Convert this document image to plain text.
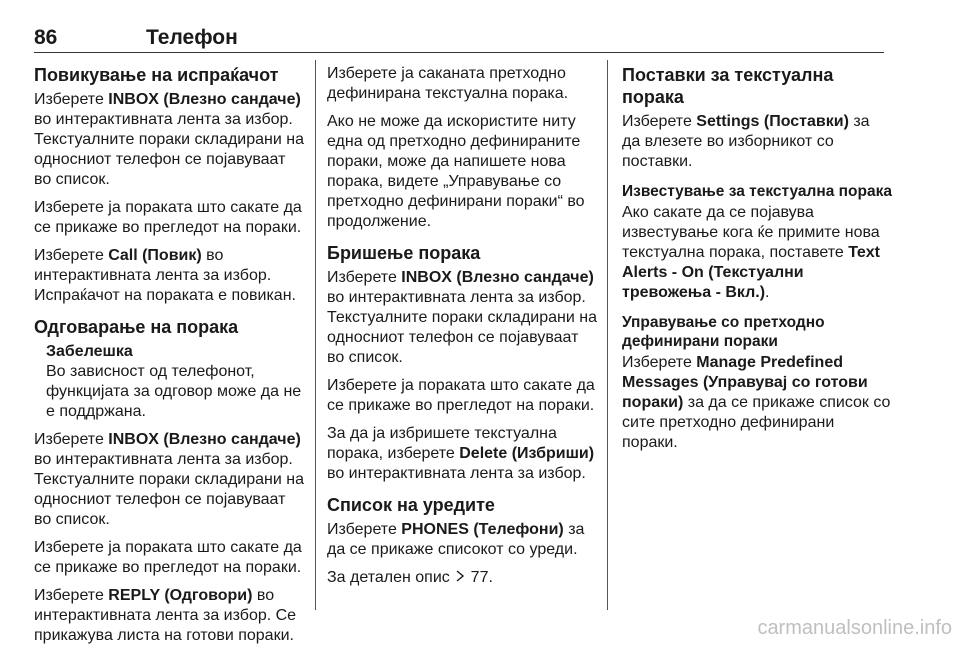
86	Телефон
Повикување на испраќачот

Изберете INBOX (Влезно сандаче) во интерактивната лента за избор. Текстуалните пораки складирани на односниот телефон се појавуваат во список.

Изберете ја пораката што сакате да се прикаже во прегледот на пораки.

Изберете Call (Повик) во интерактивната лента за избор. Испраќачот на пораката е повикан.

Одговарање на порака
Забелешка
Во зависност од телефонот, функцијата за одговор може да не е поддржана.

Изберете INBOX (Влезно сандаче) во интерактивната лента за избор. Текстуалните пораки складирани на односниот телефон се појавуваат во список.

Изберете ја пораката што сакате да се прикаже во прегледот на пораки.

Изберете REPLY (Одговори) во интерактивната лента за избор. Се прикажува листа на готови пораки.

Изберете ја саканата претходно дефинирана текстуална порака.

Ако не може да искористите ниту една од претходно дефинираните пораки, може да напишете нова порака, видете „Управување со претходно дефинирани пораки“ во продолжение.

Бришење порака

Изберете INBOX (Влезно сандаче) во интерактивната лента за избор. Текстуалните пораки складирани на односниот телефон се појавуваат во список.

Изберете ја пораката што сакате да се прикаже во прегледот на пораки.

За да ја избришете текстуална порака, изберете Delete (Избриши) во интерактивната лента за избор.

Список на уредите

Изберете PHONES (Телефони) за да се прикаже списокот со уреди.

За детален опис  77.

Поставки за текстуална порака

Изберете Settings (Поставки) за да влезете во изборникот со поставки.

Известување за текстуална порака

Ако сакате да се појавува известување кога ќе примите нова текстуална порака, поставете Text Alerts - On (Текстуални тревожења - Вкл.).

Управување со претходно дефинирани пораки

Изберете Manage Predefined Messages (Управувај со готови пораки) за да се прикаже список со сите претходно дефинирани пораки.

carmanualsonline.info
